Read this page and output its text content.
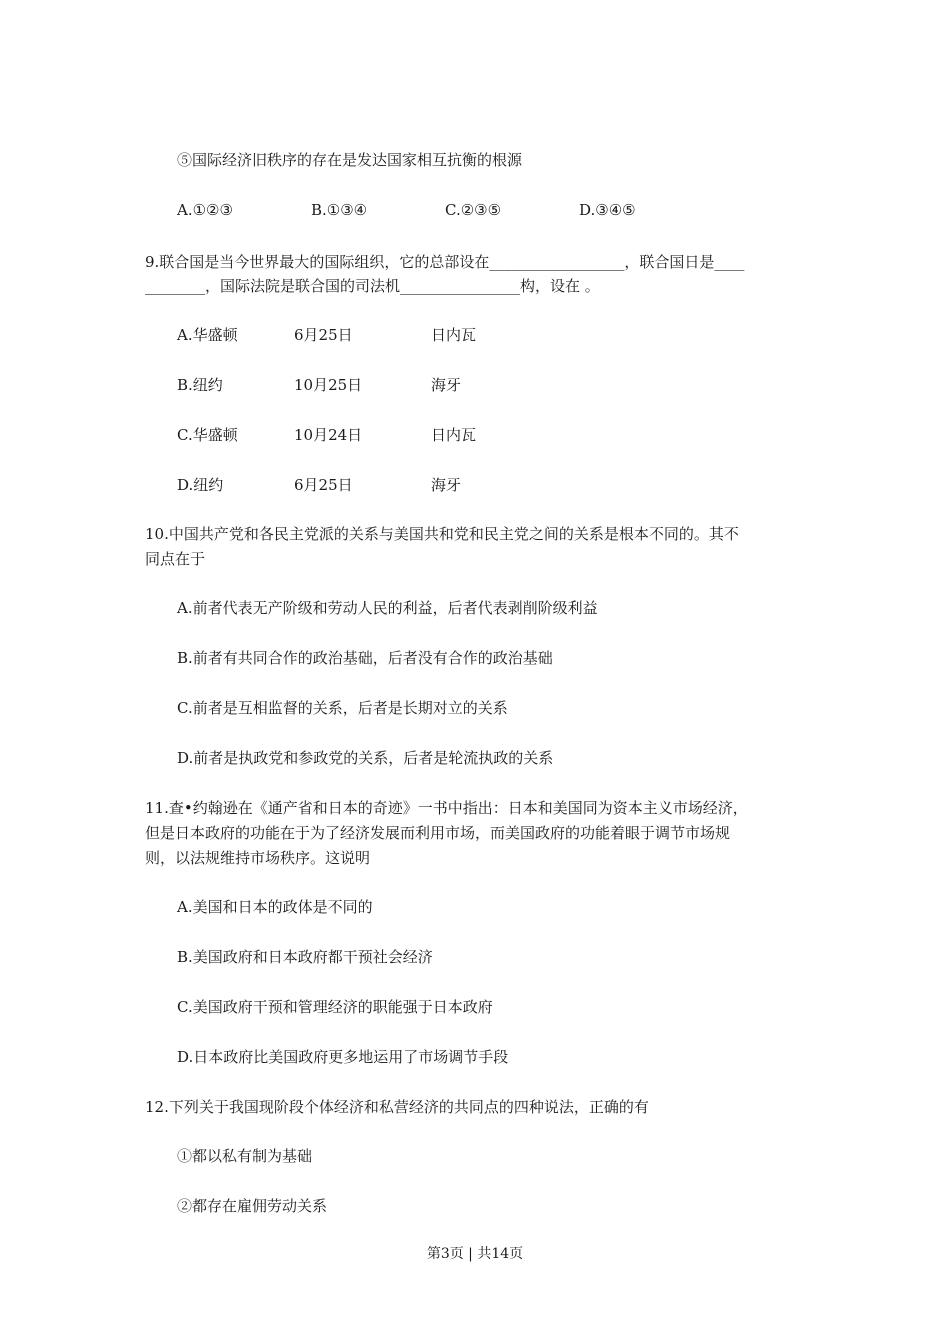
⑤国际经济旧秩序的存在是发达国家相互抗衡的根源
A.①②③	B.①③④	C.②③⑤	D.③④⑤
9.联合国是当今世界最大的国际组织，它的总部设在__________________，联合国日是____
________，国际法院是联合国的司法机________________构，设在 。
A.华盛顿	6月25日	日内瓦
B.纽约	10月25日	海牙
C.华盛顿	10月24日	日内瓦
D.纽约	6月25日	海牙
10.中国共产党和各民主党派的关系与美国共和党和民主党之间的关系是根本不同的。其不
同点在于
A.前者代表无产阶级和劳动人民的利益，后者代表剥削阶级利益
B.前者有共同合作的政治基础，后者没有合作的政治基础
C.前者是互相监督的关系，后者是长期对立的关系
D.前者是执政党和参政党的关系，后者是轮流执政的关系
11.查•约翰逊在《通产省和日本的奇迹》一书中指出：日本和美国同为资本主义市场经济，
但是日本政府的功能在于为了经济发展而利用市场，而美国政府的功能着眼于调节市场规
则，以法规维持市场秩序。这说明
A.美国和日本的政体是不同的
B.美国政府和日本政府都干预社会经济
C.美国政府干预和管理经济的职能强于日本政府
D.日本政府比美国政府更多地运用了市场调节手段
12.下列关于我国现阶段个体经济和私营经济的共同点的四种说法，正确的有
①都以私有制为基础
②都存在雇佣劳动关系
第3页 | 共14页
